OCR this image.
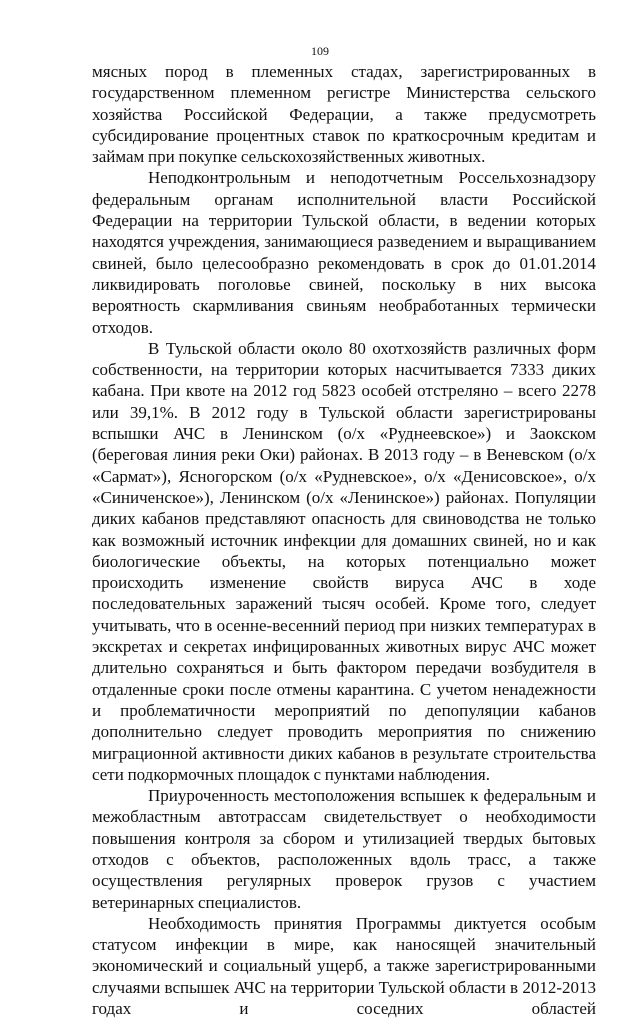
109

мясных пород в племенных стадах, зарегистрированных в государственном племенном регистре Министерства сельского хозяйства Российской Федерации, а также предусмотреть субсидирование процентных ставок по краткосрочным кредитам и займам при покупке сельскохозяйственных животных.

Неподконтрольным и неподотчетным Россельхознадзору федеральным органам исполнительной власти Российской Федерации на территории Тульской области, в ведении которых находятся учреждения, занимающиеся разведением и выращиванием свиней, было целесообразно рекомендовать в срок до 01.01.2014 ликвидировать поголовье свиней, поскольку в них высока вероятность скармливания свиньям необработанных термически отходов.

В Тульской области около 80 охотхозяйств различных форм собственности, на территории которых насчитывается 7333 диких кабана. При квоте на 2012 год 5823 особей отстреляно – всего 2278 или 39,1%. В 2012 году в Тульской области зарегистрированы вспышки АЧС в Ленинском (о/х «Руднеевское») и Заокском (береговая линия реки Оки) районах. В 2013 году – в Веневском (о/х «Сармат»), Ясногорском (о/х «Рудневское», о/х «Денисовское», о/х «Синиченское»), Ленинском (о/х «Ленинское») районах. Популяции диких кабанов представляют опасность для свиноводства не только как возможный источник инфекции для домашних свиней, но и как биологические объекты, на которых потенциально может происходить изменение свойств вируса АЧС в ходе последовательных заражений тысяч особей. Кроме того, следует учитывать, что в осенне-весенний период при низких температурах в экскретах и секретах инфицированных животных вирус АЧС может длительно сохраняться и быть фактором передачи возбудителя в отдаленные сроки после отмены карантина. С учетом ненадежности и проблематичности мероприятий по депопуляции кабанов дополнительно следует проводить мероприятия по снижению миграционной активности диких кабанов в результате строительства сети подкормочных площадок с пунктами наблюдения.

Приуроченность местоположения вспышек к федеральным и межобластным автотрассам свидетельствует о необходимости повышения контроля за сбором и утилизацией твердых бытовых отходов с объектов, расположенных вдоль трасс, а также осуществления регулярных проверок грузов с участием ветеринарных специалистов.

Необходимость принятия Программы диктуется особым статусом инфекции в мире, как наносящей значительный экономический и социальный ущерб, а также зарегистрированными случаями вспышек АЧС на территории Тульской области в 2012-2013 годах и соседних областей
